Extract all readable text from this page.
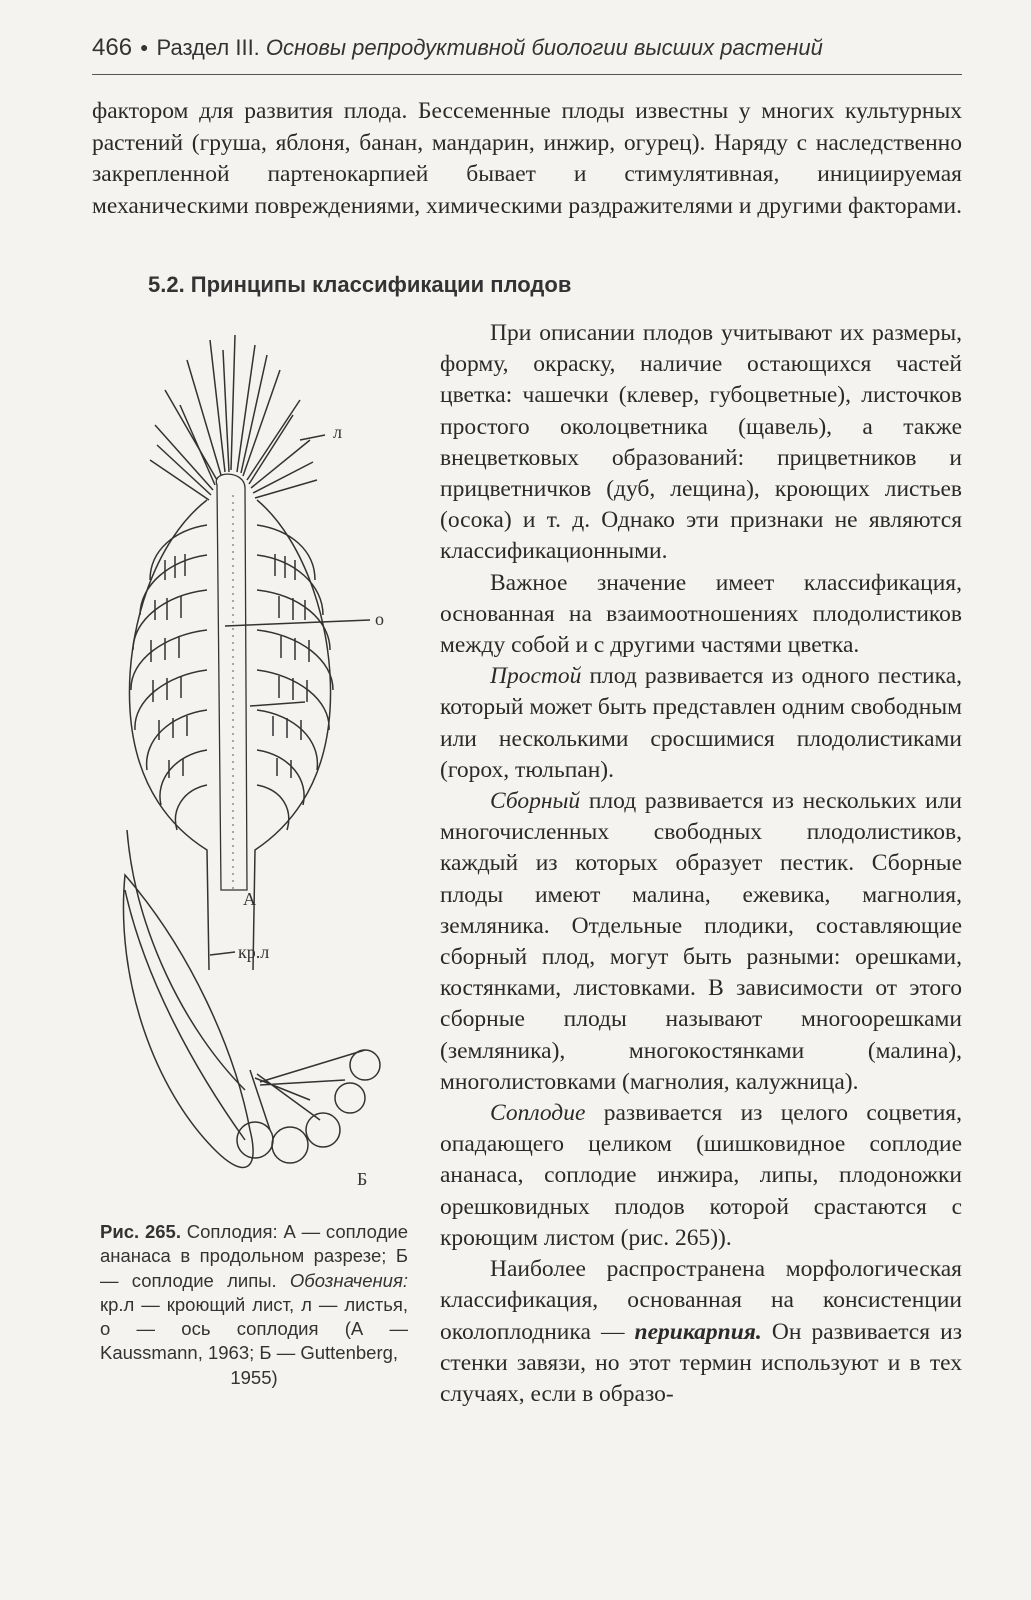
466 ● Раздел III. Основы репродуктивной биологии высших растений

фактором для развития плода. Бессеменные плоды известны у многих культурных растений (груша, яблоня, банан, мандарин, инжир, огурец). Наряду с наследственно закрепленной партенокарпией бывает и стимулятивная, инициируемая механическими повреждениями, химическими раздражителями и другими факторами.

5.2. Принципы классификации плодов
л
о
А
кр.л
Б
Рис. 265. Соплодия: А — соплодие ананаса в продольном разрезе; Б — соплодие липы. Обозначения: кр.л — кроющий лист, л — листья, о — ось соплодия (А — Kaussmann, 1963; Б — Guttenberg,
1955)

При описании плодов учитывают их размеры, форму, окраску, наличие остающихся частей цветка: чашечки (клевер, губоцветные), листочков простого околоцветника (щавель), а также внецветковых образований: прицветников и прицветничков (дуб, лещина), кроющих листьев (осока) и т. д. Однако эти признаки не являются классификационными.

Важное значение имеет классификация, основанная на взаимоотношениях плодолистиков между собой и с другими частями цветка.

Простой плод развивается из одного пестика, который может быть представлен одним свободным или несколькими сросшимися плодолистиками (горох, тюльпан).

Сборный плод развивается из нескольких или многочисленных свободных плодолистиков, каждый из которых образует пестик. Сборные плоды имеют малина, ежевика, магнолия, земляника. Отдельные плодики, составляющие сборный плод, могут быть разными: орешками, костянками, листовками. В зависимости от этого сборные плоды называют многоорешками (земляника), многокостянками (малина), многолистовками (магнолия, калужница).

Соплодие развивается из целого соцветия, опадающего целиком (шишковидное соплодие ананаса, соплодие инжира, липы, плодоножки орешковидных плодов которой срастаются с кроющим листом (рис. 265)).

Наиболее распространена морфологическая классификация, основанная на консистенции околоплодника — перикарпия. Он развивается из стенки завязи, но этот термин используют и в тех случаях, если в образо-
